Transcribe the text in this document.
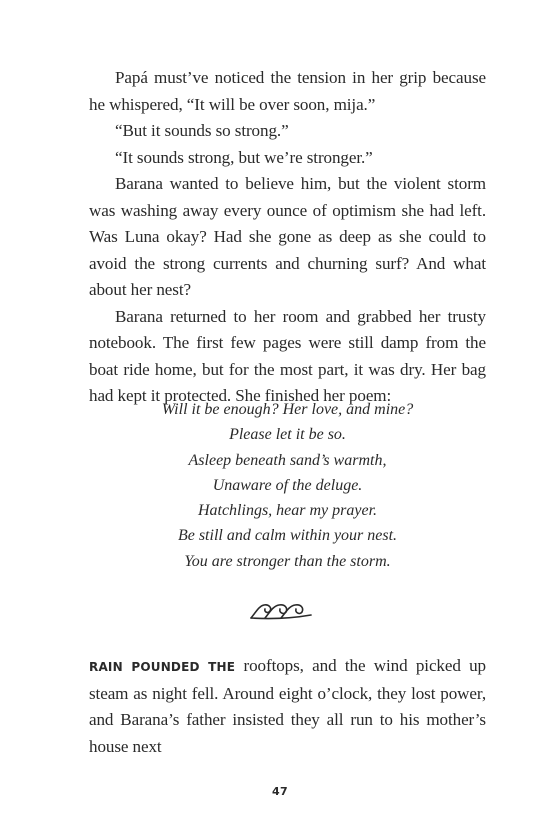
Papá must’ve noticed the tension in her grip because he whispered, “It will be over soon, mija.”

“But it sounds so strong.”

“It sounds strong, but we’re stronger.”

Barana wanted to believe him, but the violent storm was washing away every ounce of optimism she had left. Was Luna okay? Had she gone as deep as she could to avoid the strong currents and churning surf? And what about her nest?

Barana returned to her room and grabbed her trusty notebook. The first few pages were still damp from the boat ride home, but for the most part, it was dry. Her bag had kept it protected. She finished her poem:

Will it be enough? Her love, and mine?
Please let it be so.
Asleep beneath sand’s warmth,
Unaware of the deluge.
Hatchlings, hear my prayer.
Be still and calm within your nest.
You are stronger than the storm.

RAIN POUNDED THE rooftops, and the wind picked up steam as night fell. Around eight o’clock, they lost power, and Barana’s father insisted they all run to his mother’s house next

47
